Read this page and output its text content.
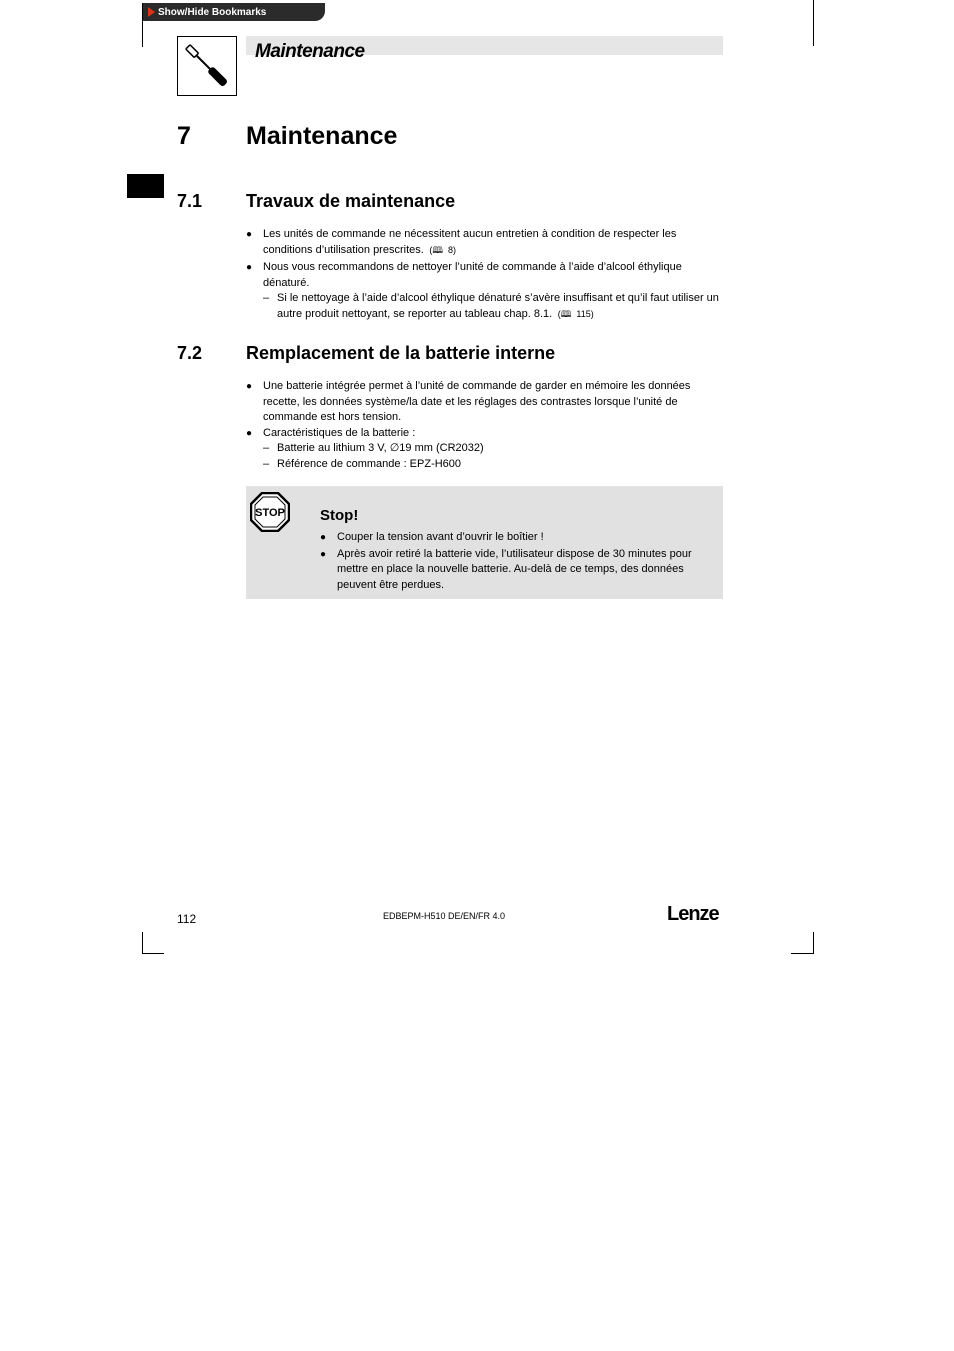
Show/Hide Bookmarks
Maintenance
7 Maintenance
7.1 Travaux de maintenance
● Les unités de commande ne nécessitent aucun entretien à condition de respecter les conditions d’utilisation prescrites.  (🕮 8)
● Nous vous recommandons de nettoyer l’unité de commande à l’aide d’alcool éthylique dénaturé.
– Si le nettoyage à l’aide d’alcool éthylique dénaturé s’avère insuffisant et qu’il faut utiliser un autre produit nettoyant, se reporter au tableau chap. 8.1.  (🕮 115)
7.2 Remplacement de la batterie interne
● Une batterie intégrée permet à l’unité de commande de garder en mémoire les données recette, les données système/la date et les réglages des contrastes lorsque l’unité de commande est hors tension.
● Caractéristiques de la batterie :
– Batterie au lithium 3 V, ∅19 mm (CR2032)
– Référence de commande : EPZ-H600
STOP Stop!
● Couper la tension avant d’ouvrir le boîtier !
● Après avoir retiré la batterie vide, l’utilisateur dispose de 30 minutes pour mettre en place la nouvelle batterie. Au-delà de ce temps, des données peuvent être perdues.
112	EDBEPM-H510 DE/EN/FR 4.0	Lenze
